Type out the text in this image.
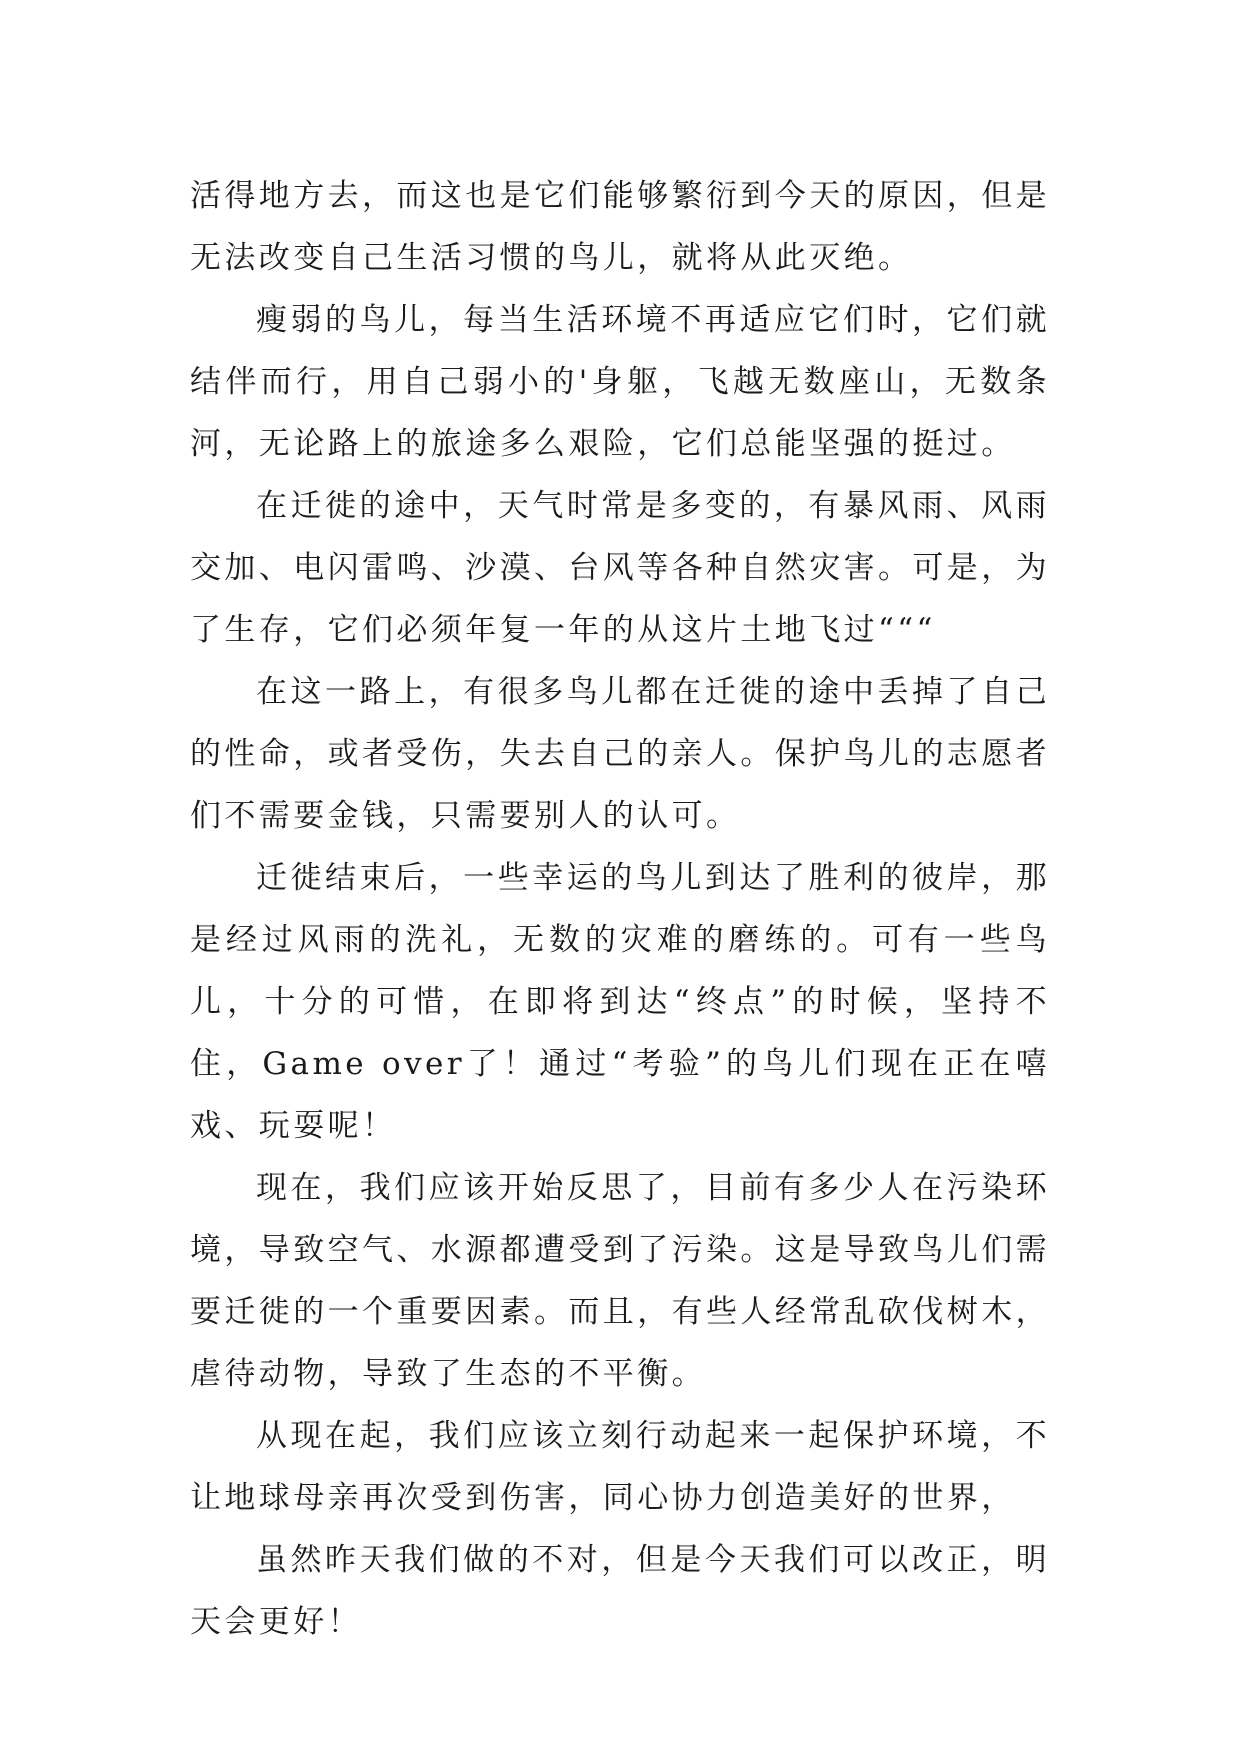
活得地方去，而这也是它们能够繁衍到今天的原因，但是无法改变自己生活习惯的鸟儿，就将从此灭绝。

瘦弱的鸟儿，每当生活环境不再适应它们时，它们就结伴而行，用自己弱小的'身躯，飞越无数座山，无数条河，无论路上的旅途多么艰险，它们总能坚强的挺过。

在迁徙的途中，天气时常是多变的，有暴风雨、风雨交加、电闪雷鸣、沙漠、台风等各种自然灾害。可是，为了生存，它们必须年复一年的从这片土地飞过“““

在这一路上，有很多鸟儿都在迁徙的途中丢掉了自己的性命，或者受伤，失去自己的亲人。保护鸟儿的志愿者们不需要金钱，只需要别人的认可。

迁徙结束后，一些幸运的鸟儿到达了胜利的彼岸，那是经过风雨的洗礼，无数的灾难的磨练的。可有一些鸟儿，十分的可惜，在即将到达“终点”的时候，坚持不住，Game over了！通过“考验”的鸟儿们现在正在嘻戏、玩耍呢！

现在，我们应该开始反思了，目前有多少人在污染环境，导致空气、水源都遭受到了污染。这是导致鸟儿们需要迁徙的一个重要因素。而且，有些人经常乱砍伐树木，虐待动物，导致了生态的不平衡。

从现在起，我们应该立刻行动起来一起保护环境，不让地球母亲再次受到伤害，同心协力创造美好的世界，

虽然昨天我们做的不对，但是今天我们可以改正，明天会更好！
